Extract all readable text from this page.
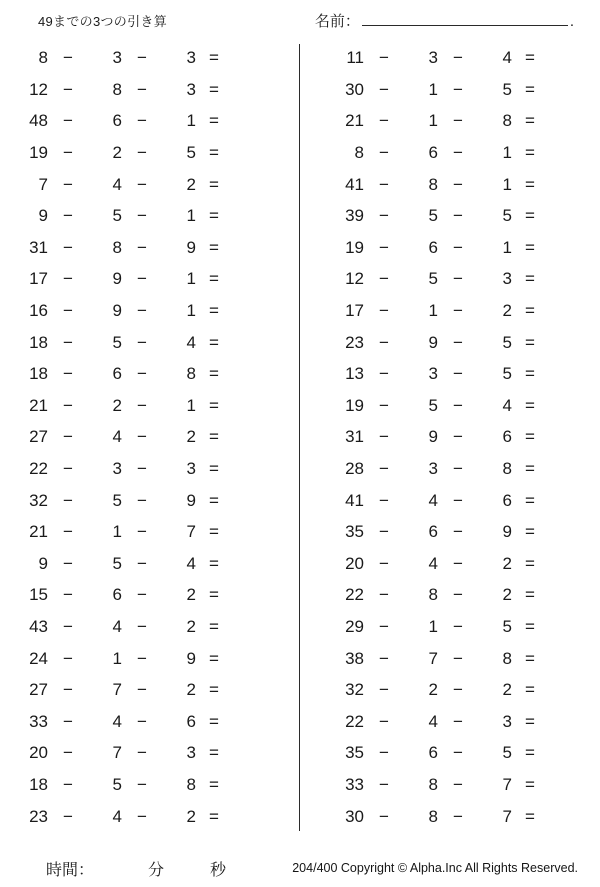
49までの3つの引き算	名前：	.
8 −	3 −	3 =
12 −	8 −	3 =
48 −	6 −	1 =
19 −	2 −	5 =
7 −	4 −	2 =
9 −	5 −	1 =
31 −	8 −	9 =
17 −	9 −	1 =
16 −	9 −	1 =
18 −	5 −	4 =
18 −	6 −	8 =
21 −	2 −	1 =
27 −	4 −	2 =
22 −	3 −	3 =
32 −	5 −	9 =
21 −	1 −	7 =
9 −	5 −	4 =
15 −	6 −	2 =
43 −	4 −	2 =
24 −	1 −	9 =
27 −	7 −	2 =
33 −	4 −	6 =
20 −	7 −	3 =
18 −	5 −	8 =
23 −	4 −	2 =
11 −	3 −	4 =
30 −	1 −	5 =
21 −	1 −	8 =
8 −	6 −	1 =
41 −	8 −	1 =
39 −	5 −	5 =
19 −	6 −	1 =
12 −	5 −	3 =
17 −	1 −	2 =
23 −	9 −	5 =
13 −	3 −	5 =
19 −	5 −	4 =
31 −	9 −	6 =
28 −	3 −	8 =
41 −	4 −	6 =
35 −	6 −	9 =
20 −	4 −	2 =
22 −	8 −	2 =
29 −	1 −	5 =
38 −	7 −	8 =
32 −	2 −	2 =
22 −	4 −	3 =
35 −	6 −	5 =
33 −	8 −	7 =
30 −	8 −	7 =
時間：	分	秒	204/400 Copyright © Alpha.Inc All Rights Reserved.
